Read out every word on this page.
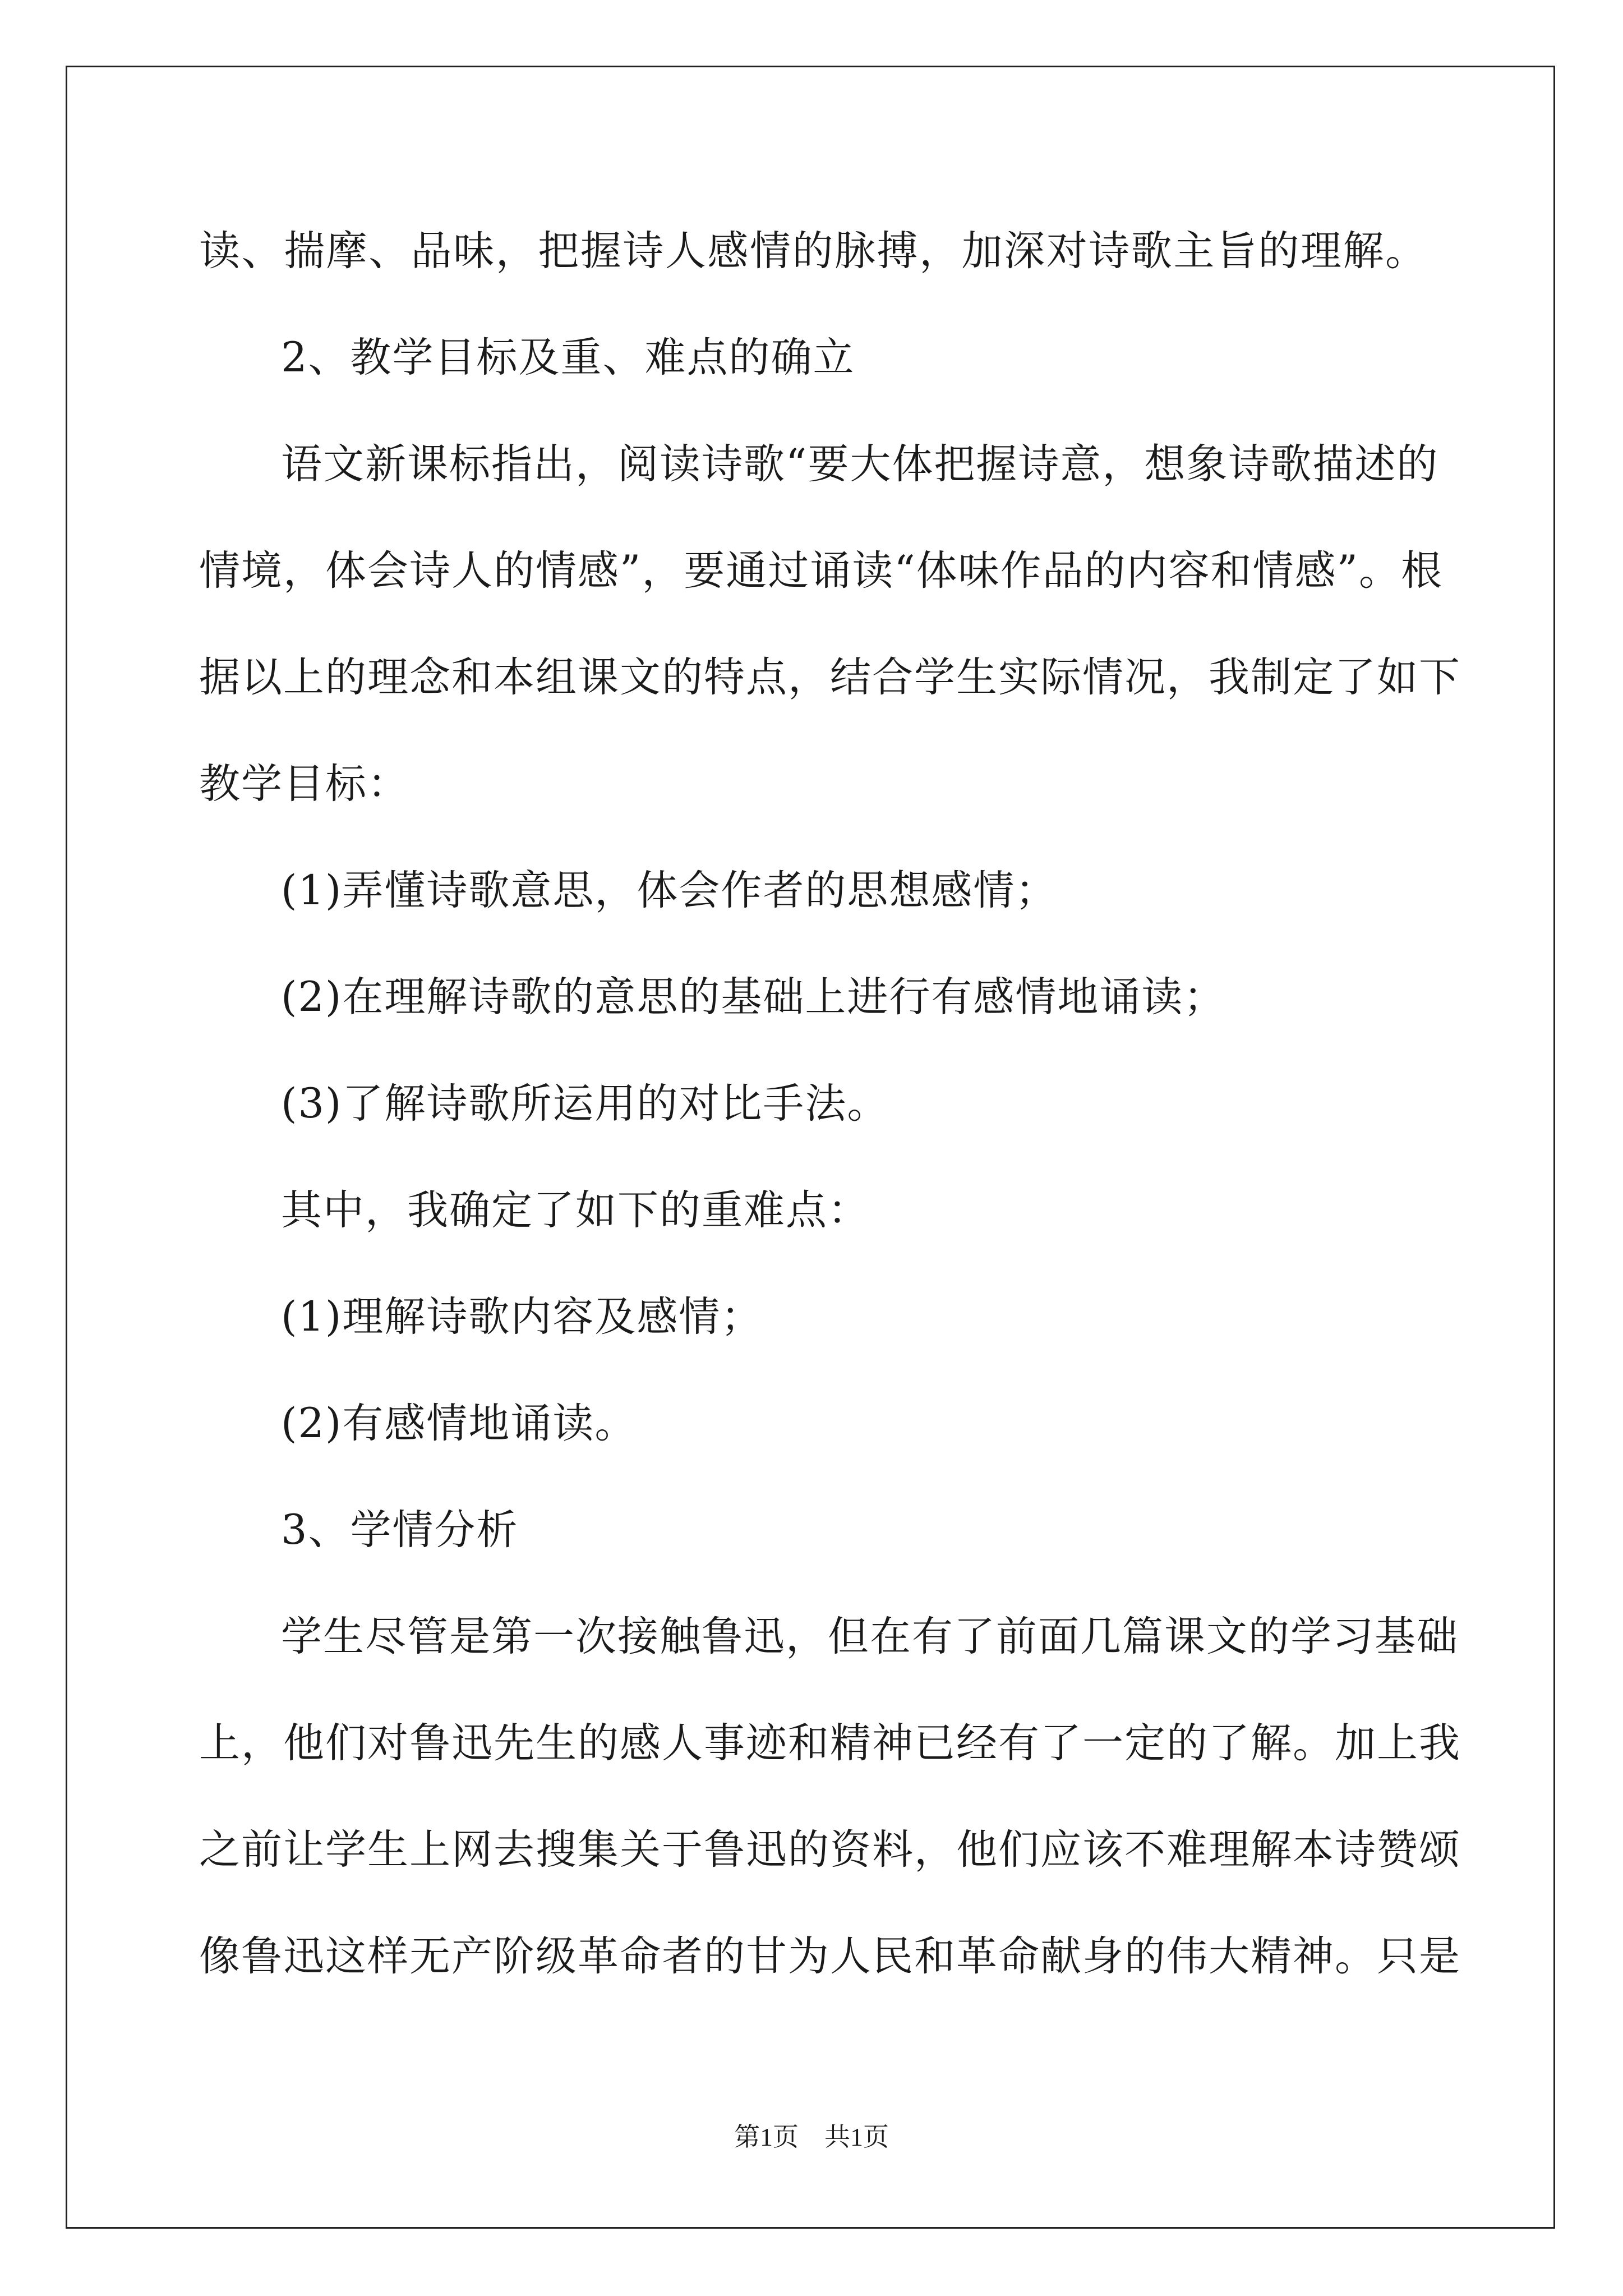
读、揣摩、品味，把握诗人感情的脉搏，加深对诗歌主旨的理解。
2、教学目标及重、难点的确立
语文新课标指出，阅读诗歌“要大体把握诗意，想象诗歌描述的
情境，体会诗人的情感”，要通过诵读“体味作品的内容和情感”。根
据以上的理念和本组课文的特点，结合学生实际情况，我制定了如下
教学目标：
(1)弄懂诗歌意思，体会作者的思想感情；
(2)在理解诗歌的意思的基础上进行有感情地诵读；
(3)了解诗歌所运用的对比手法。
其中，我确定了如下的重难点：
(1)理解诗歌内容及感情；
(2)有感情地诵读。
3、学情分析
学生尽管是第一次接触鲁迅，但在有了前面几篇课文的学习基础
上，他们对鲁迅先生的感人事迹和精神已经有了一定的了解。加上我
之前让学生上网去搜集关于鲁迅的资料，他们应该不难理解本诗赞颂
像鲁迅这样无产阶级革命者的甘为人民和革命献身的伟大精神。只是
第1页　共1页
